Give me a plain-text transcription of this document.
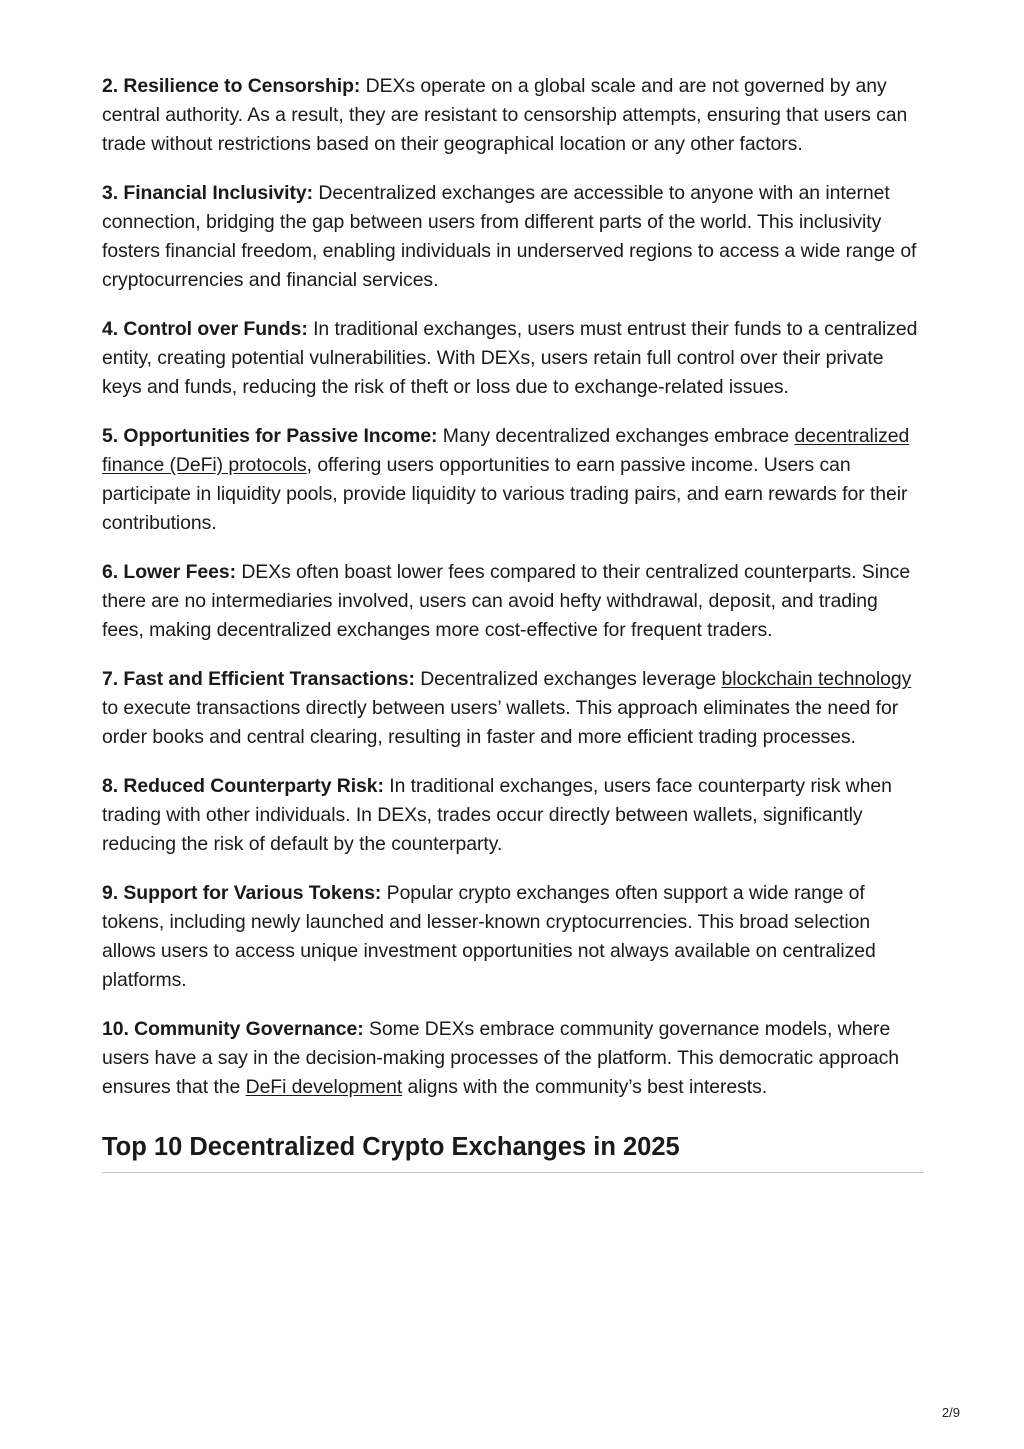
2. Resilience to Censorship: DEXs operate on a global scale and are not governed by any central authority. As a result, they are resistant to censorship attempts, ensuring that users can trade without restrictions based on their geographical location or any other factors.

3. Financial Inclusivity: Decentralized exchanges are accessible to anyone with an internet connection, bridging the gap between users from different parts of the world. This inclusivity fosters financial freedom, enabling individuals in underserved regions to access a wide range of cryptocurrencies and financial services.

4. Control over Funds: In traditional exchanges, users must entrust their funds to a centralized entity, creating potential vulnerabilities. With DEXs, users retain full control over their private keys and funds, reducing the risk of theft or loss due to exchange-related issues.

5. Opportunities for Passive Income: Many decentralized exchanges embrace decentralized finance (DeFi) protocols, offering users opportunities to earn passive income. Users can participate in liquidity pools, provide liquidity to various trading pairs, and earn rewards for their contributions.

6. Lower Fees: DEXs often boast lower fees compared to their centralized counterparts. Since there are no intermediaries involved, users can avoid hefty withdrawal, deposit, and trading fees, making decentralized exchanges more cost-effective for frequent traders.

7. Fast and Efficient Transactions: Decentralized exchanges leverage blockchain technology to execute transactions directly between users’ wallets. This approach eliminates the need for order books and central clearing, resulting in faster and more efficient trading processes.

8. Reduced Counterparty Risk: In traditional exchanges, users face counterparty risk when trading with other individuals. In DEXs, trades occur directly between wallets, significantly reducing the risk of default by the counterparty.

9. Support for Various Tokens: Popular crypto exchanges often support a wide range of tokens, including newly launched and lesser-known cryptocurrencies. This broad selection allows users to access unique investment opportunities not always available on centralized platforms.

10. Community Governance: Some DEXs embrace community governance models, where users have a say in the decision-making processes of the platform. This democratic approach ensures that the DeFi development aligns with the community’s best interests.

Top 10 Decentralized Crypto Exchanges in 2025
2/9
